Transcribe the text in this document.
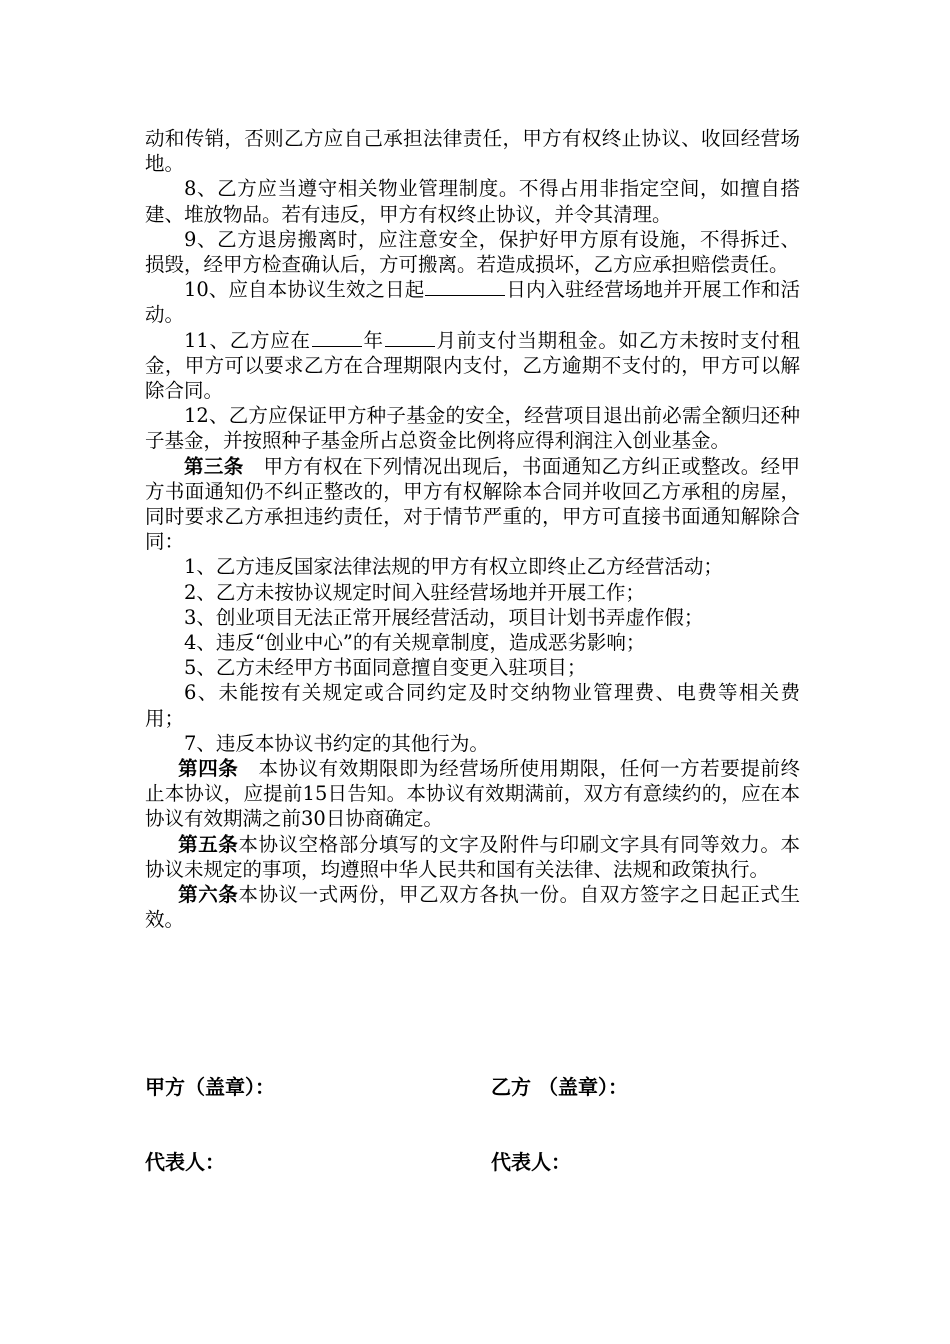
动和传销，否则乙方应自己承担法律责任，甲方有权终止协议、收回经营场地。

8、乙方应当遵守相关物业管理制度。不得占用非指定空间，如擅自搭建、堆放物品。若有违反，甲方有权终止协议，并令其清理。

9、乙方退房搬离时，应注意安全，保护好甲方原有设施，不得拆迁、损毁，经甲方检查确认后，方可搬离。若造成损坏，乙方应承担赔偿责任。

10、应自本协议生效之日起	日内入驻经营场地并开展工作和活动。

11、乙方应在	年	月前支付当期租金。如乙方未按时支付租金，甲方可以要求乙方在合理期限内支付，乙方逾期不支付的，甲方可以解除合同。

12、乙方应保证甲方种子基金的安全，经营项目退出前必需全额归还种子基金，并按照种子基金所占总资金比例将应得利润注入创业基金。

第三条　甲方有权在下列情况出现后，书面通知乙方纠正或整改。经甲方书面通知仍不纠正整改的，甲方有权解除本合同并收回乙方承租的房屋，同时要求乙方承担违约责任，对于情节严重的，甲方可直接书面通知解除合同：

1、乙方违反国家法律法规的甲方有权立即终止乙方经营活动；

2、乙方未按协议规定时间入驻经营场地并开展工作；

3、创业项目无法正常开展经营活动，项目计划书弄虚作假；

4、违反“创业中心”的有关规章制度，造成恶劣影响；

5、乙方未经甲方书面同意擅自变更入驻项目；

6、未能按有关规定或合同约定及时交纳物业管理费、电费等相关费用；

7、违反本协议书约定的其他行为。

第四条　本协议有效期限即为经营场所使用期限，任何一方若要提前终止本协议，应提前15日告知。本协议有效期满前，双方有意续约的，应在本协议有效期满之前30日协商确定。

第五条本协议空格部分填写的文字及附件与印刷文字具有同等效力。本协议未规定的事项，均遵照中华人民共和国有关法律、法规和政策执行。

第六条本协议一式两份，甲乙双方各执一份。自双方签字之日起正式生效。

甲方（盖章）：	乙方 （盖章）：
代表人：	代表人：
